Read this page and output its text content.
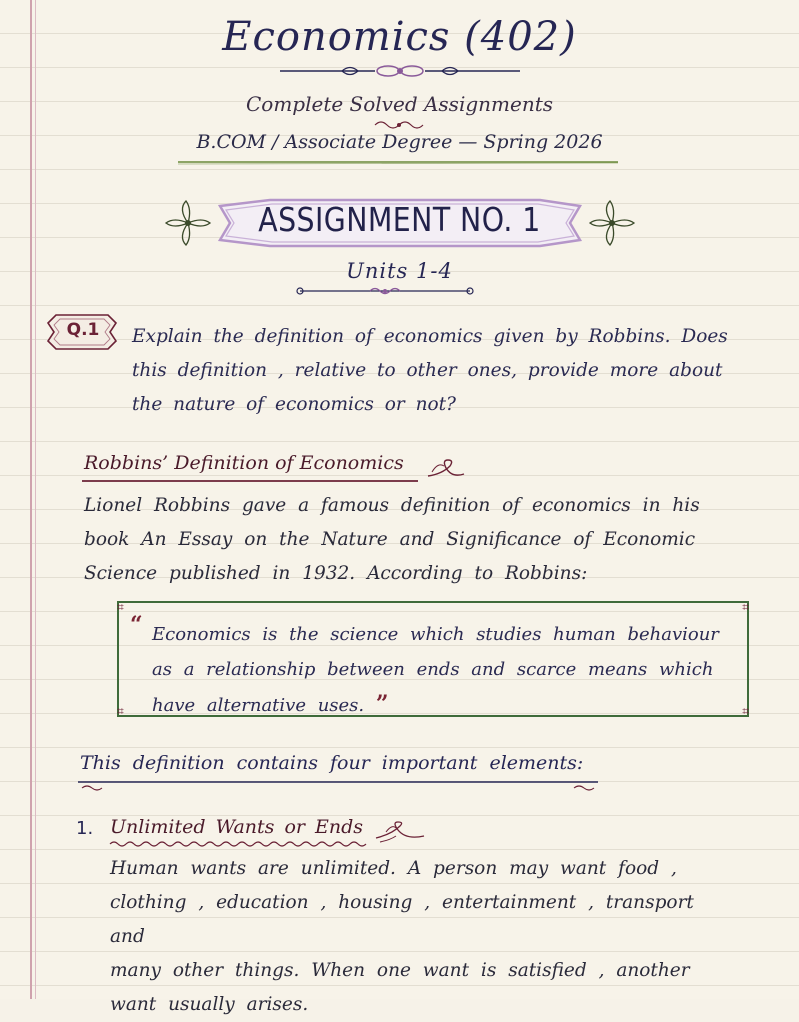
Economics (402)
Complete Solved Assignments
B.COM / Associate Degree — Spring 2026
ASSIGNMENT NO. 1
Units 1-4
Q.1	Explain the definition of economics given by Robbins. Does
this definition , relative to other ones, provide more about
the nature of economics or not?
Robbins’ Definition of Economics
Lionel Robbins gave a famous definition of economics in his
book An Essay on the Nature and Significance of Economic
Science published in 1932. According to Robbins:
⌗	⌗
⌗	⌗
“ Economics is the science which studies human behaviour
as a relationship between ends and scarce means which
have alternative uses. ”
This definition contains four important elements:
1. Unlimited Wants or Ends
Human wants are unlimited. A person may want food ,
clothing , education , housing , entertainment , transport and
many other things. When one want is satisfied , another
want usually arises.
